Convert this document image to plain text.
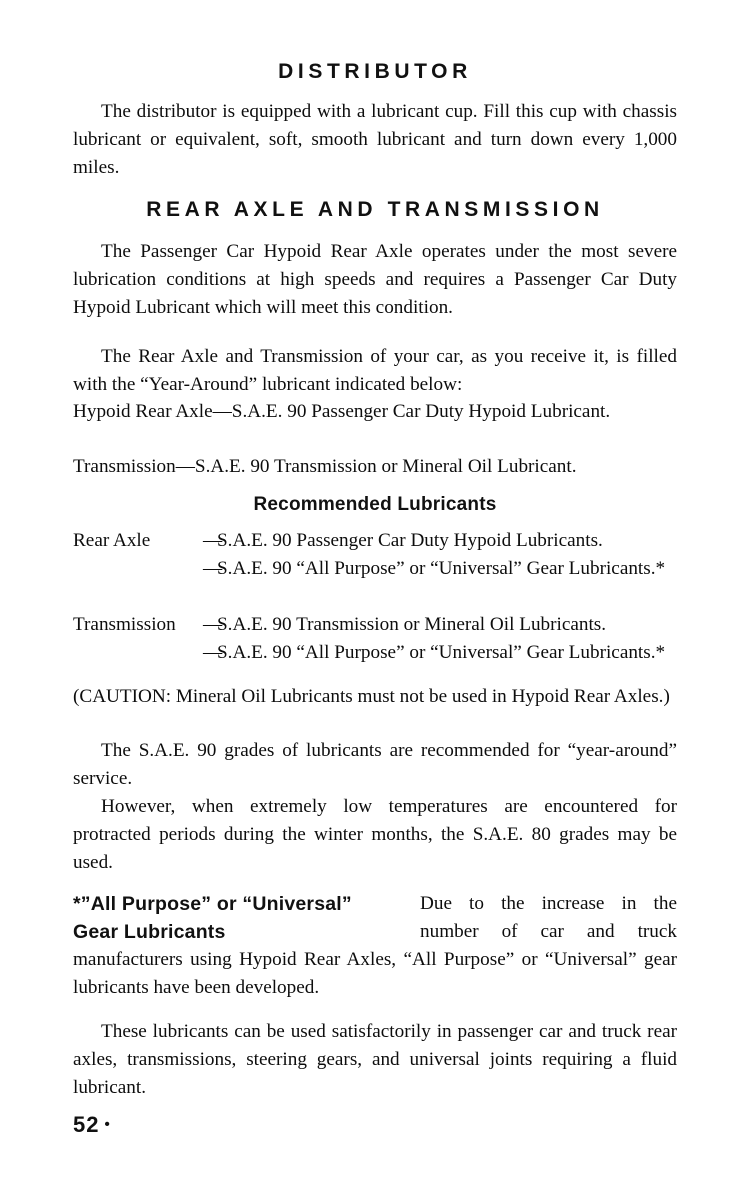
DISTRIBUTOR
The distributor is equipped with a lubricant cup. Fill this cup with chassis lubricant or equivalent, soft, smooth lubricant and turn down every 1,000 miles.
REAR AXLE AND TRANSMISSION
The Passenger Car Hypoid Rear Axle operates under the most severe lubrication conditions at high speeds and requires a Passenger Car Duty Hypoid Lubricant which will meet this condition.
The Rear Axle and Transmission of your car, as you receive it, is filled with the “Year-Around” lubricant indicated below:
Hypoid Rear Axle—S.A.E. 90 Passenger Car Duty Hypoid Lubricant.
Transmission—S.A.E. 90 Transmission or Mineral Oil Lubricant.
Recommended Lubricants
Rear Axle	—S.A.E. 90 Passenger Car Duty Hypoid Lubricants.
—S.A.E. 90 “All Purpose” or “Universal” Gear Lubricants.*
Transmission —S.A.E. 90 Transmission or Mineral Oil Lubricants.
—S.A.E. 90 “All Purpose” or “Universal” Gear Lubricants.*
(CAUTION: Mineral Oil Lubricants must not be used in Hypoid Rear Axles.)
The S.A.E. 90 grades of lubricants are recommended for “year-around” service.
However, when extremely low temperatures are encountered for protracted periods during the winter months, the S.A.E. 80 grades may be used.
*”All Purpose” or “Universal”
Gear Lubricants
Due to the increase in the number of car and truck manufacturers using Hypoid Rear Axles, “All Purpose” or “Universal” gear lubricants have been developed.
These lubricants can be used satisfactorily in passenger car and truck rear axles, transmissions, steering gears, and universal joints requiring a fluid lubricant.
52 •
